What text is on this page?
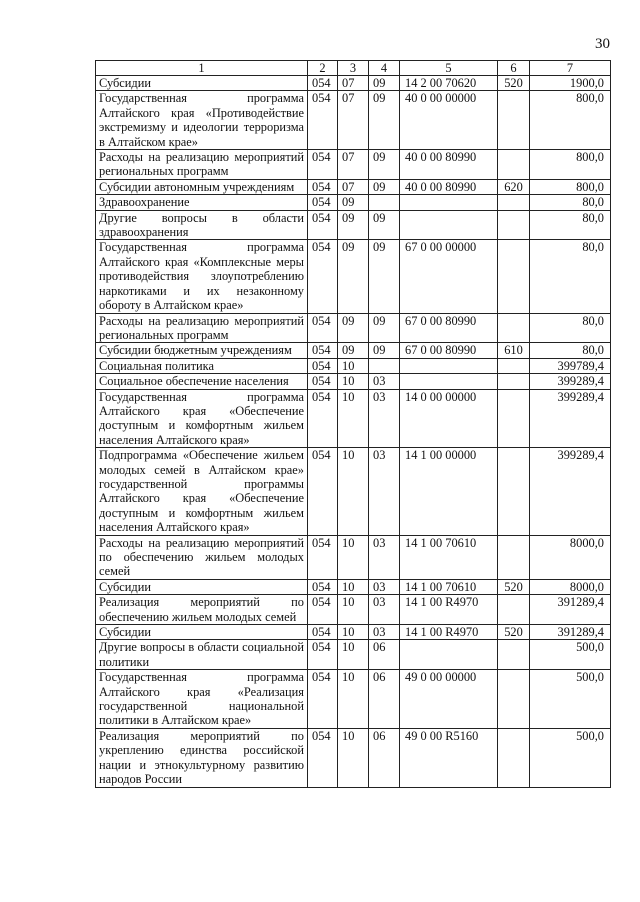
30
1	2	3	4	5	6	7
Субсидии	054	07	09	14 2 00 70620	520	1900,0
Государственная программа Алтайского края «Противодействие экстремизму и идеологии терроризма в Алтайском крае»	054	07	09	40 0 00 00000		800,0
Расходы на реализацию мероприятий региональных программ	054	07	09	40 0 00 80990		800,0
Субсидии автономным учреждениям	054	07	09	40 0 00 80990	620	800,0
Здравоохранение	054	09				80,0
Другие вопросы в области здравоохранения	054	09	09			80,0
Государственная программа Алтайского края «Комплексные меры противодействия злоупотреблению наркотиками и их незаконному обороту в Алтайском крае»	054	09	09	67 0 00 00000		80,0
Расходы на реализацию мероприятий региональных программ	054	09	09	67 0 00 80990		80,0
Субсидии бюджетным учреждениям	054	09	09	67 0 00 80990	610	80,0
Социальная политика	054	10				399789,4
Социальное обеспечение населения	054	10	03			399289,4
Государственная программа Алтайского края «Обеспечение доступным и комфортным жильем населения Алтайского края»	054	10	03	14 0 00 00000		399289,4
Подпрограмма «Обеспечение жильем молодых семей в Алтайском крае» государственной программы Алтайского края «Обеспечение доступным и комфортным жильем населения Алтайского края»	054	10	03	14 1 00 00000		399289,4
Расходы на реализацию мероприятий по обеспечению жильем молодых семей	054	10	03	14 1 00 70610		8000,0
Субсидии	054	10	03	14 1 00 70610	520	8000,0
Реализация мероприятий по обеспечению жильем молодых семей	054	10	03	14 1 00 R4970		391289,4
Субсидии	054	10	03	14 1 00 R4970	520	391289,4
Другие вопросы в области социальной политики	054	10	06			500,0
Государственная программа Алтайского края «Реализация государственной национальной политики в Алтайском крае»	054	10	06	49 0 00 00000		500,0
Реализация мероприятий по укреплению единства российской нации и этнокультурному развитию народов России	054	10	06	49 0 00 R5160		500,0
